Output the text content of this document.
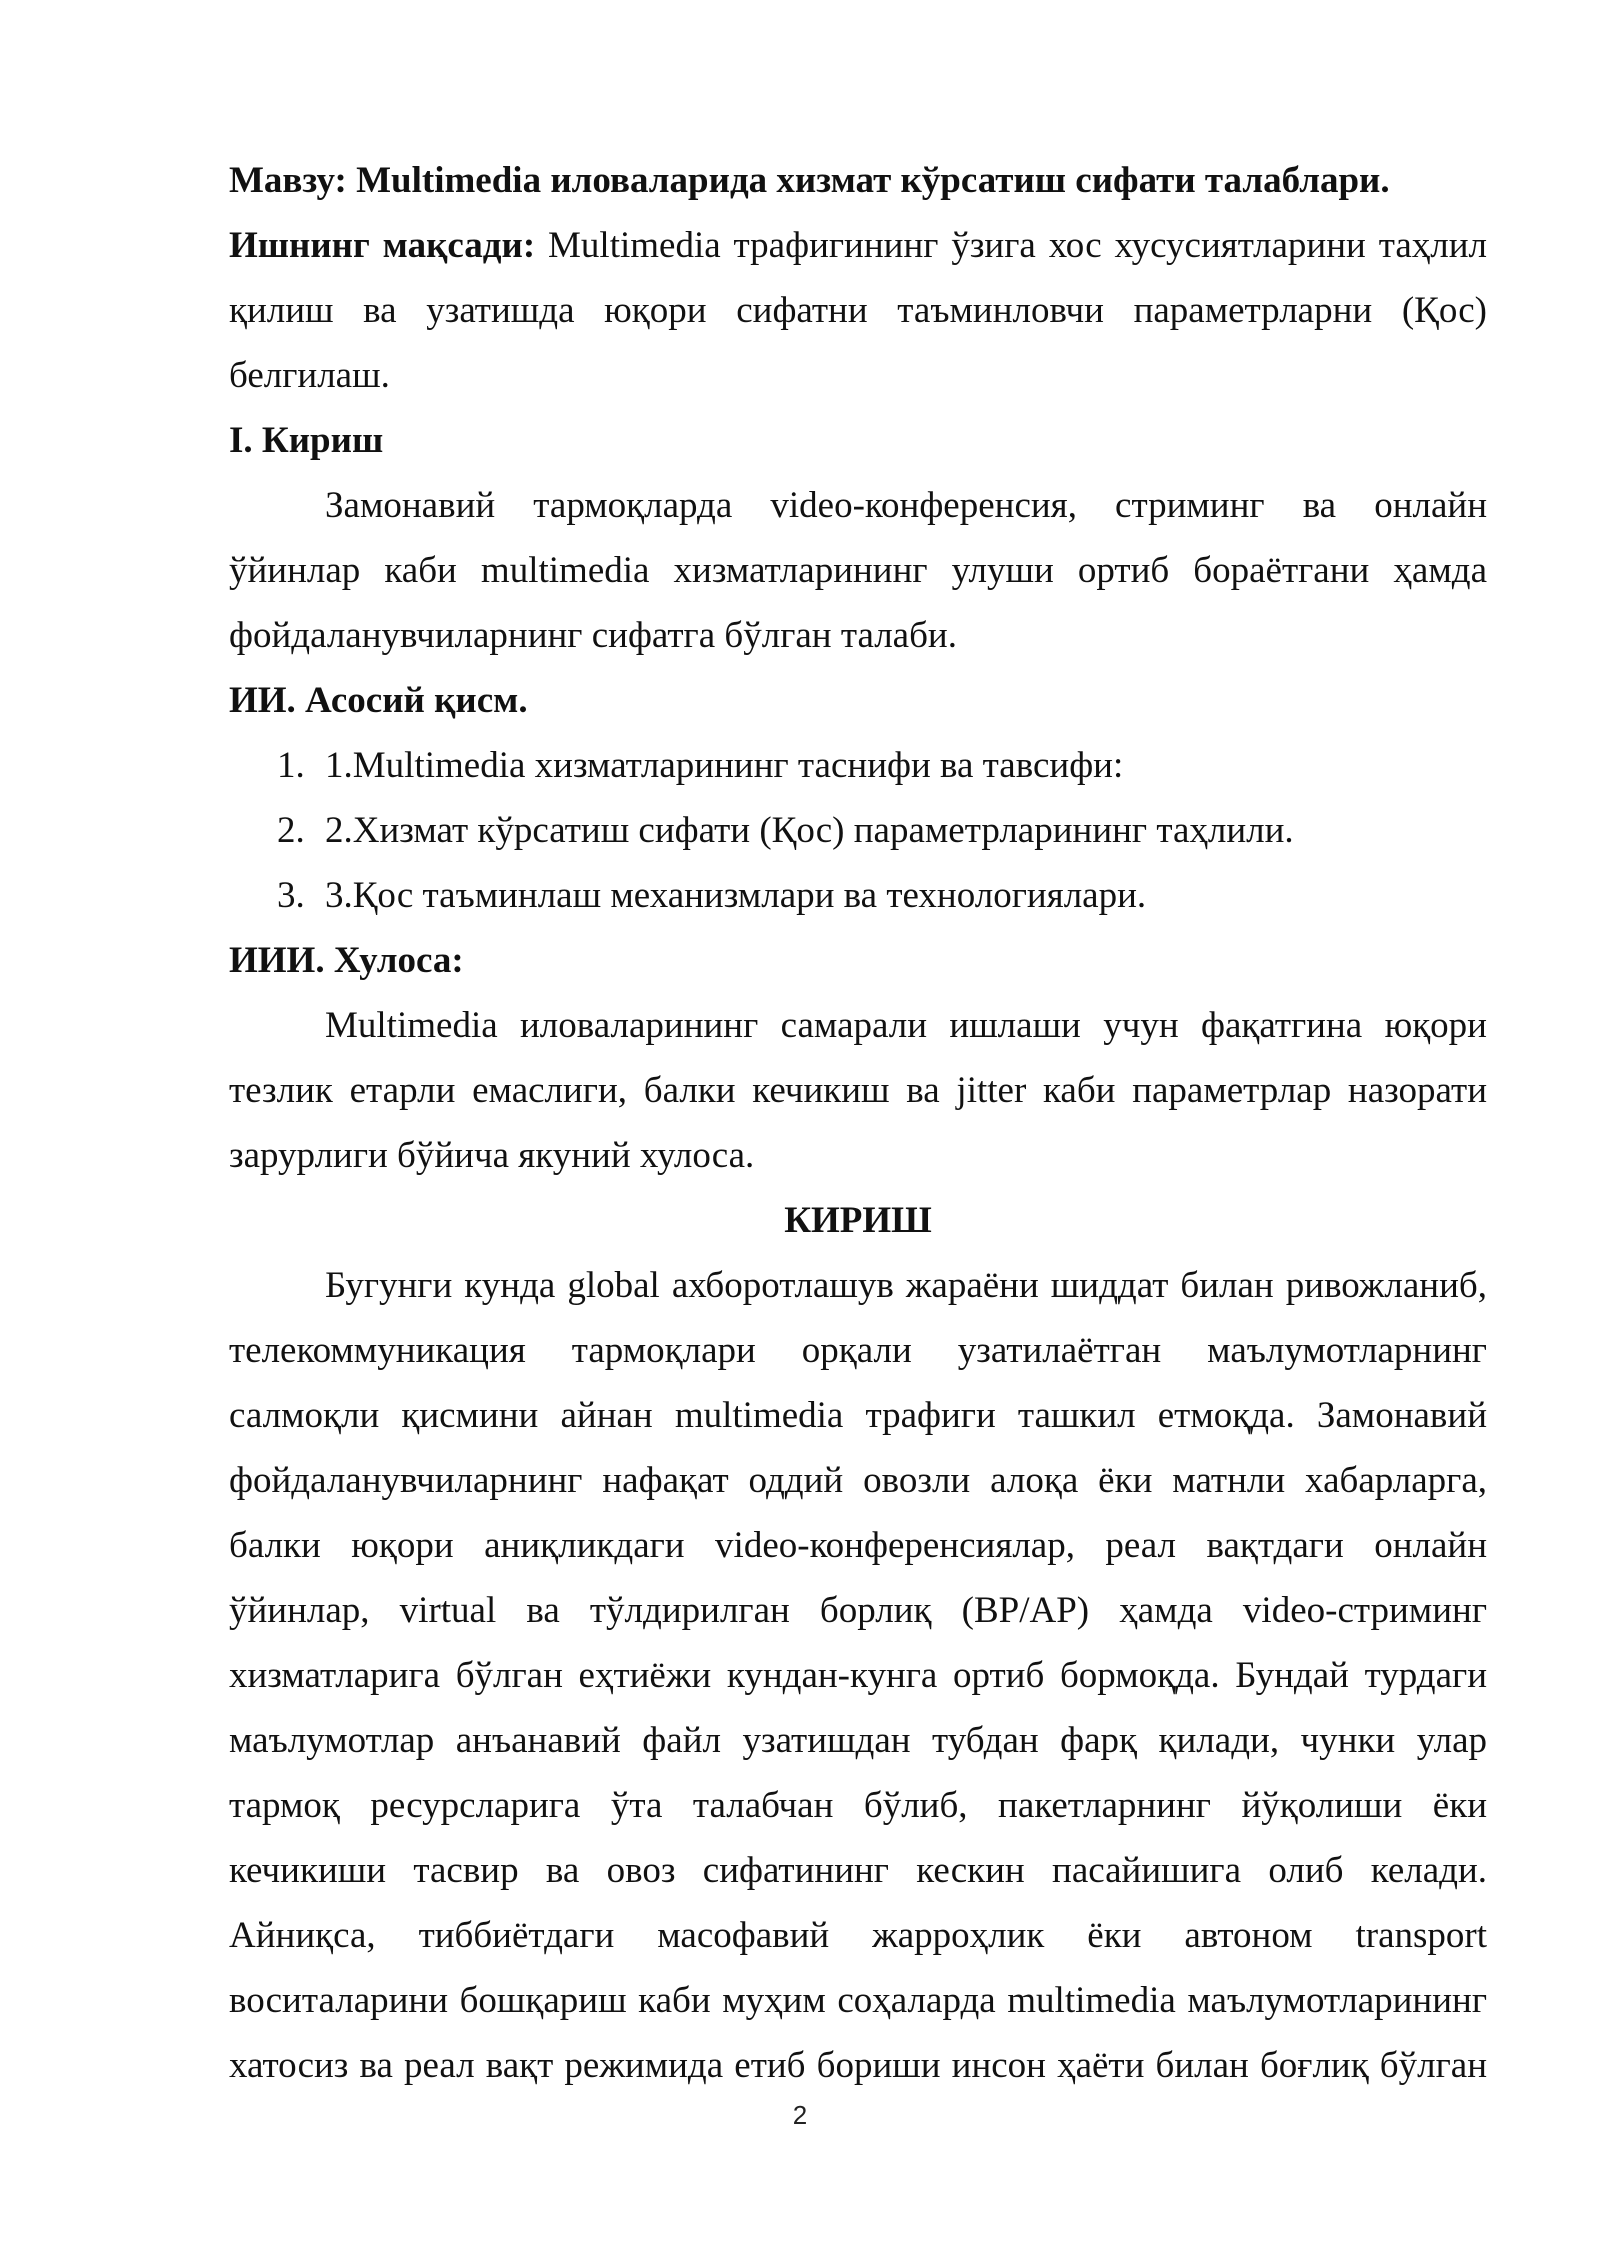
Мавзу: Multimedia иловаларида хизмат кўрсатиш сифати талаблари.

Ишнинг мақсади: Multimedia трафигининг ўзига хос хусусиятларини таҳлил

қилиш ва узатишда юқори сифатни таъминловчи параметрларни (Қос)

белгилаш.

I. Кириш

Замонавий тармоқларда video-конференсия, стриминг ва онлайн

ўйинлар каби multimedia хизматларининг улуши ортиб бораётгани ҳамда

фойдаланувчиларнинг сифатга бўлган талаби.

ИИ. Асосий қисм.

1. 1.Multimedia хизматларининг таснифи ва тавсифи:
2. 2.Хизмат кўрсатиш сифати (Қос) параметрларининг таҳлили.
3. 3.Қос таъминлаш механизмлари ва технологиялари.

ИИИ. Хулоса:

Multimedia иловаларининг самарали ишлаши учун фақатгина юқори

тезлик етарли емаслиги, балки кечикиш ва jitter каби параметрлар назорати

зарурлиги бўйича якуний хулоса.

КИРИШ

Бугунги кунда global ахборотлашув жараёни шиддат билан ривожланиб,

телекоммуникация тармоқлари орқали узатилаётган маълумотларнинг

салмоқли қисмини айнан multimedia трафиги ташкил етмоқда. Замонавий

фойдаланувчиларнинг нафақат оддий овозли алоқа ёки матнли хабарларга,

балки юқори аниқликдаги video-конференсиялар, реал вақтдаги онлайн

ўйинлар, virtual ва тўлдирилган борлиқ (ВР/АР) ҳамда video-стриминг

хизматларига бўлган еҳтиёжи кундан-кунга ортиб бормоқда. Бундай турдаги

маълумотлар анъанавий файл узатишдан тубдан фарқ қилади, чунки улар

тармоқ ресурсларига ўта талабчан бўлиб, пакетларнинг йўқолиши ёки

кечикиши тасвир ва овоз сифатининг кескин пасайишига олиб келади.

Айниқса, тиббиётдаги масофавий жарроҳлик ёки автоном transport

воситаларини бошқариш каби муҳим соҳаларда multimedia маълумотларининг

хатосиз ва реал вақт режимида етиб бориши инсон ҳаёти билан боғлиқ бўлган

2
